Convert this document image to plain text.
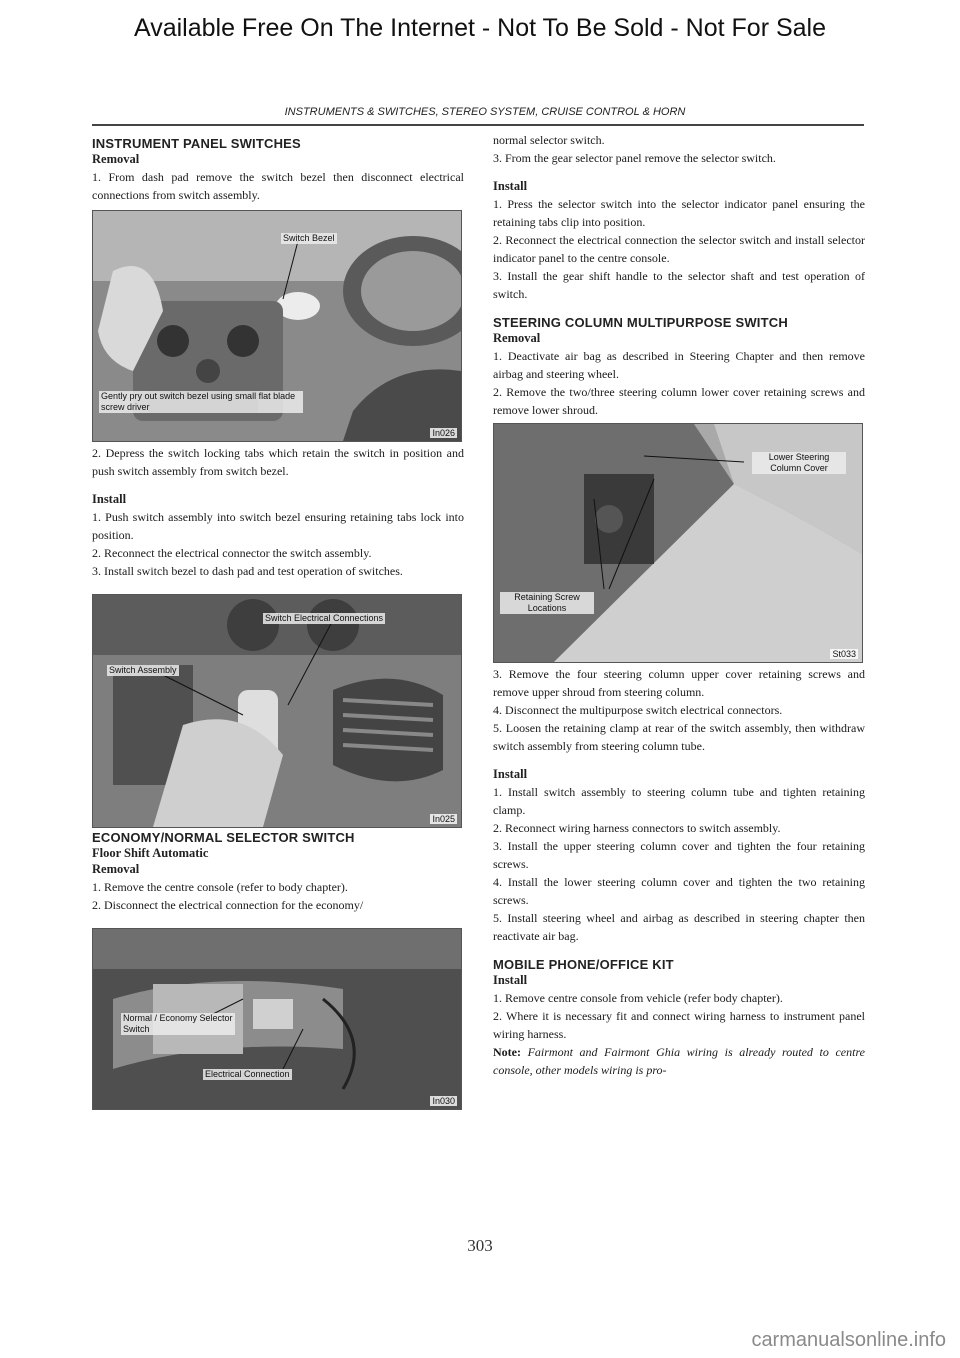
Available Free On The Internet - Not To Be Sold - Not For Sale
INSTRUMENTS & SWITCHES, STEREO SYSTEM, CRUISE CONTROL & HORN
INSTRUMENT PANEL SWITCHES
Removal

1. From dash pad remove the switch bezel then disconnect electrical connections from switch assembly.

Switch Bezel
Gently pry out switch bezel using small flat blade screw driver
In026

2. Depress the switch locking tabs which retain the switch in position and push switch assembly from switch bezel.

Install

1. Push switch assembly into switch bezel ensuring retaining tabs lock into position.

2. Reconnect the electrical connector the switch assembly.

3. Install switch bezel to dash pad and test operation of switches.

Switch Electrical Connections
Switch Assembly
In025
ECONOMY/NORMAL SELECTOR SWITCH
Floor Shift Automatic
Removal

1. Remove the centre console (refer to body chapter).

2. Disconnect the electrical connection for the economy/

Normal / Economy Selector Switch
Electrical Connection
In030

normal selector switch.

3. From the gear selector panel remove the selector switch.

Install

1. Press the selector switch into the selector indicator panel ensuring the retaining tabs clip into position.

2. Reconnect the electrical connection the selector switch and install selector indicator panel to the centre console.

3. Install the gear shift handle to the selector shaft and test operation of switch.

STEERING COLUMN MULTIPURPOSE SWITCH
Removal

1. Deactivate air bag as described in Steering Chapter and then remove airbag and steering wheel.

2. Remove the two/three steering column lower cover retaining screws and remove lower shroud.

Lower Steering Column Cover
Retaining Screw Locations
St033

3. Remove the four steering column upper cover retaining screws and remove upper shroud from steering column.

4. Disconnect the multipurpose switch electrical connectors.

5. Loosen the retaining clamp at rear of the switch assembly, then withdraw switch assembly from steering column tube.

Install

1. Install switch assembly to steering column tube and tighten retaining clamp.

2. Reconnect wiring harness connectors to switch assembly.

3. Install the upper steering column cover and tighten the four retaining screws.

4. Install the lower steering column cover and tighten the two retaining screws.

5. Install steering wheel and airbag as described in steering chapter then reactivate air bag.

MOBILE PHONE/OFFICE KIT
Install

1. Remove centre console from vehicle (refer body chapter).

2. Where it is necessary fit and connect wiring harness to instrument panel wiring harness.

Note: Fairmont and Fairmont Ghia wiring is already routed to centre console, other models wiring is pro-

303
carmanualsonline.info
